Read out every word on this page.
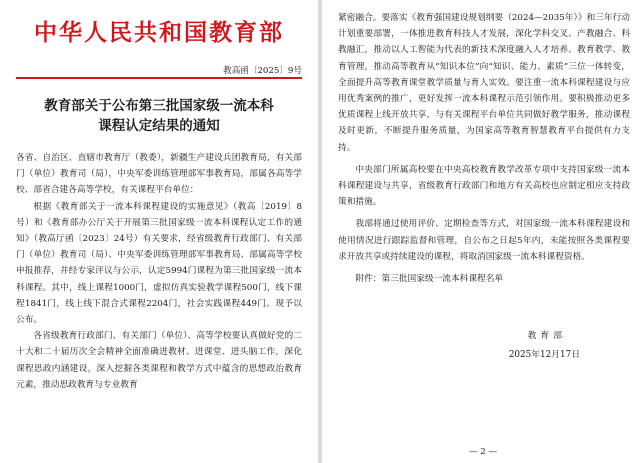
中华人民共和国教育部
教高函〔2025〕9号
教育部关于公布第三批国家级一流本科
课程认定结果的通知

各省、自治区、直辖市教育厅（教委），新疆生产建设兵团教育局，有关部门（单位）教育司（局），中央军委训练管理部军事教育局，部属各高等学校、部省合建各高等学校，有关课程平台单位：

根据《教育部关于一流本科课程建设的实施意见》（教高〔2019〕8号）和《教育部办公厅关于开展第三批国家级一流本科课程认定工作的通知》（教高厅函〔2023〕24号）有关要求，经省级教育行政部门、有关部门（单位）教育司（局）、中央军委训练管理部军事教育局、部属高等学校申报推荐，并经专家评议与公示，认定5994门课程为第三批国家级一流本科课程。其中，线上课程1000门，虚拟仿真实验教学课程500门，线下课程1841门，线上线下混合式课程2204门，社会实践课程449门。现予以公布。

各省级教育行政部门、有关部门（单位）、高等学校要认真做好党的二十大和二十届历次全会精神全面准确进教材、进课堂、进头脑工作，深化课程思政内涵建设，深入挖掘各类课程和教学方式中蕴含的思想政治教育元素，推动思政教育与专业教育

紧密融合。要落实《教育强国建设规划纲要（2024—2035年）》和三年行动计划重要部署，一体推进教育科技人才发展，深化学科交叉、产教融合、科教融汇，推动以人工智能为代表的新技术深度融入人才培养、教育教学、教育管理，推动高等教育从“知识本位”向“知识、能力、素质”三位一体转变，全面提升高等教育课堂教学质量与育人实效。要注重一流本科课程建设与应用优秀案例的推广，更好发挥一流本科课程示范引领作用。要积极推动更多优质课程上线开放共享，与有关课程平台单位共同做好教学服务，推动课程及时更新，不断提升服务质量，为国家高等教育智慧教育平台提供有力支持。

中央部门所属高校要在中央高校教育教学改革专项中支持国家级一流本科课程建设与共享，省级教育行政部门和地方有关高校也应制定相应支持政策和措施。

我部将通过使用评价、定期检查等方式，对国家级一流本科课程建设和使用情况进行跟踪监督和管理，自公布之日起5年内，未能按照各类课程要求开放共享或持续建设的课程，将取消国家级一流本科课程资格。

附件：第三批国家级一流本科课程名单

教育部
2025年12月17日
— 2 —
